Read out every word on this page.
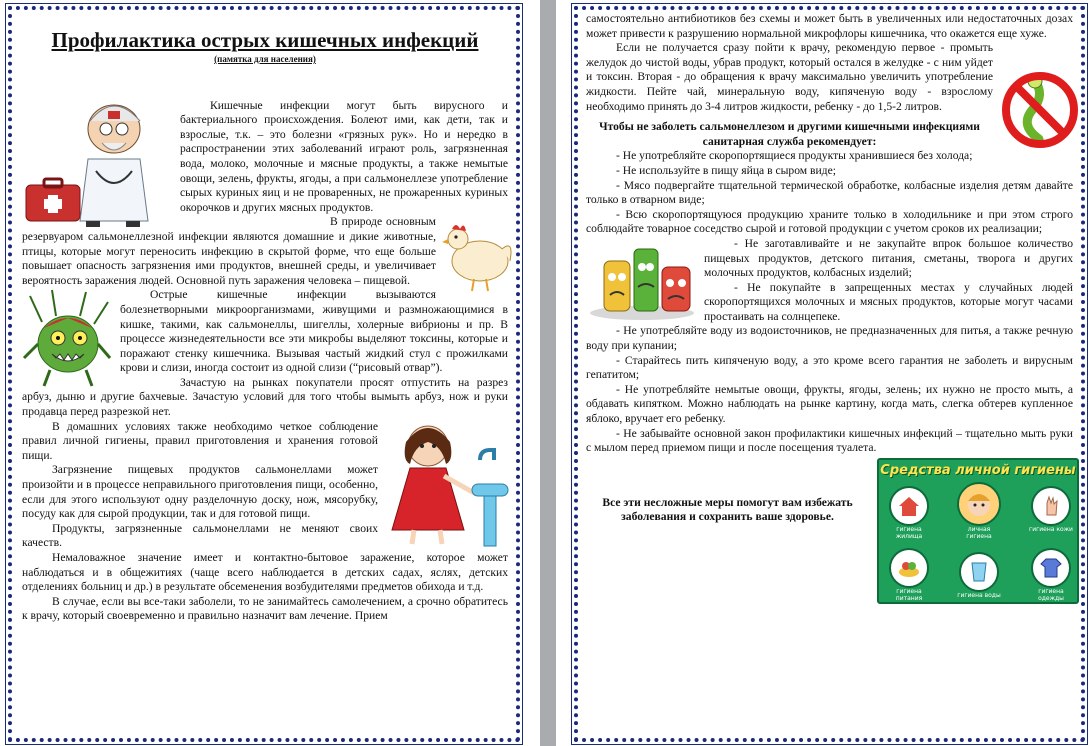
Профилактика острых кишечных инфекций

(памятка для населения)

Кишечные инфекции могут быть вирусного и бактериального происхождения. Болеют ими, как дети, так и взрослые, т.к. – это болезни «грязных рук». Но и нередко в распространении этих заболеваний играют роль, загрязненная вода, молоко, молочные и мясные продукты, а также немытые овощи, зелень, фрукты, ягоды, а при сальмонеллезе употребление сырых куриных яиц и не проваренных, не прожаренных куриных окорочков и других мясных продуктов.

В природе основным резервуаром сальмонеллезной инфекции являются домашние и дикие животные, птицы, которые могут переносить инфекцию в скрытой форме, что еще больше повышает опасность загрязнения ими продуктов, внешней среды, и увеличивает вероятность заражения людей. Основной путь заражения человека – пищевой.

Острые кишечные инфекции вызываются болезнетворными микроорганизмами, живущими и размножающимися в кишке, такими, как сальмонеллы, шигеллы, холерные вибрионы и пр. В процессе жизнедеятельности все эти микробы выделяют токсины, которые и поражают стенку кишечника. Вызывая частый жидкий стул с прожилками крови и слизи, иногда состоит из одной слизи (“рисовый отвар”).

Зачастую на рынках покупатели просят отпустить на разрез арбуз, дыню и другие бахчевые. Зачастую условий для того чтобы вымыть арбуз, нож и руки продавца перед разрезкой нет.

В домашних условиях также необходимо четкое соблюдение правил личной гигиены, правил приготовления и хранения готовой пищи.

Загрязнение пищевых продуктов сальмонеллами может произойти и в процессе неправильного приготовления пищи, особенно, если для этого используют одну разделочную доску, нож, мясорубку, посуду как для сырой продукции, так и для готовой пищи.

Продукты, загрязненные сальмонеллами не меняют своих качеств.

Немаловажное значение имеет и контактно-бытовое заражение, которое может наблюдаться и в общежитиях (чаще всего наблюдается в детских садах, яслях, детских отделениях больниц и др.) в результате обсеменения возбудителями предметов обихода и т.д.

В случае, если вы все-таки заболели, то не занимайтесь самолечением, а срочно обратитесь к врачу, который своевременно и правильно назначит вам лечение. Прием

самостоятельно антибиотиков без схемы и может быть в увеличенных или недостаточных дозах может привести к разрушению нормальной микрофлоры кишечника, что окажется еще хуже.

Если не получается сразу пойти к врачу, рекомендую первое - промыть желудок до чистой воды, убрав продукт, который остался в желудке - с ним уйдет и токсин. Вторая - до обращения к врачу максимально увеличить употребление жидкости. Пейте чай, минеральную воду, кипяченую воду - взрослому необходимо принять до 3-4 литров жидкости, ребенку - до 1,5-2 литров.

Чтобы не заболеть сальмонеллезом и другими кишечными инфекциями санитарная служба рекомендует:

- Не употребляйте скоропортящиеся продукты хранившиеся без холода;

- Не используйте в пищу яйца в сыром виде;

- Мясо подвергайте тщательной термической обработке, колбасные изделия детям давайте только в отварном виде;

- Всю скоропортящуюся продукцию храните только в холодильнике и при этом строго соблюдайте товарное соседство сырой и готовой продукции с учетом сроков их реализации;

- Не заготавливайте и не закупайте впрок большое количество пищевых продуктов, детского питания, сметаны, творога и других молочных продуктов, колбасных изделий;

- Не покупайте в запрещенных местах у случайных людей скоропортящихся молочных и мясных продуктов, которые могут часами простаивать на солнцепеке.

- Не употребляйте воду из водоисточников, не предназначенных для питья, а также речную воду при купании;

- Старайтесь пить кипяченую воду, а это кроме всего гарантия не заболеть и вирусным гепатитом;

- Не употребляйте немытые овощи, фрукты, ягоды, зелень; их нужно не просто мыть, а обдавать кипятком. Можно наблюдать на рынке картину, когда мать, слегка обтерев купленное яблоко, вручает его ребенку.

- Не забывайте основной закон профилактики кишечных инфекций – тщательно мыть руки с мылом перед приемом пищи и после посещения туалета.

Средства личной гигиены
гигиена жилища
личная гигиена
гигиена кожи
гигиена питания	гигиена воды
гигиена одежды

Все эти несложные меры помогут вам избежать заболевания и сохранить ваше здоровье.
